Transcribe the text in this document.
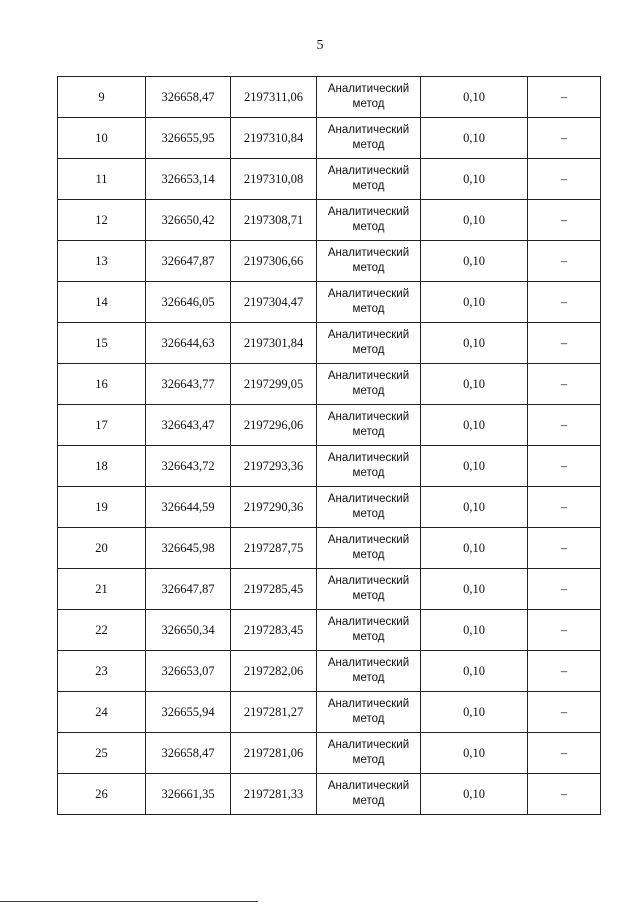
5
9	326658,47	2197311,06	Аналитический
метод	0,10	–
10	326655,95	2197310,84	Аналитический
метод	0,10	–
11	326653,14	2197310,08	Аналитический
метод	0,10	–
12	326650,42	2197308,71	Аналитический
метод	0,10	–
13	326647,87	2197306,66	Аналитический
метод	0,10	–
14	326646,05	2197304,47	Аналитический
метод	0,10	–
15	326644,63	2197301,84	Аналитический
метод	0,10	–
16	326643,77	2197299,05	Аналитический
метод	0,10	–
17	326643,47	2197296,06	Аналитический
метод	0,10	–
18	326643,72	2197293,36	Аналитический
метод	0,10	–
19	326644,59	2197290,36	Аналитический
метод	0,10	–
20	326645,98	2197287,75	Аналитический
метод	0,10	–
21	326647,87	2197285,45	Аналитический
метод	0,10	–
22	326650,34	2197283,45	Аналитический
метод	0,10	–
23	326653,07	2197282,06	Аналитический
метод	0,10	–
24	326655,94	2197281,27	Аналитический
метод	0,10	–
25	326658,47	2197281,06	Аналитический
метод	0,10	–
26	326661,35	2197281,33	Аналитический
метод	0,10	–
